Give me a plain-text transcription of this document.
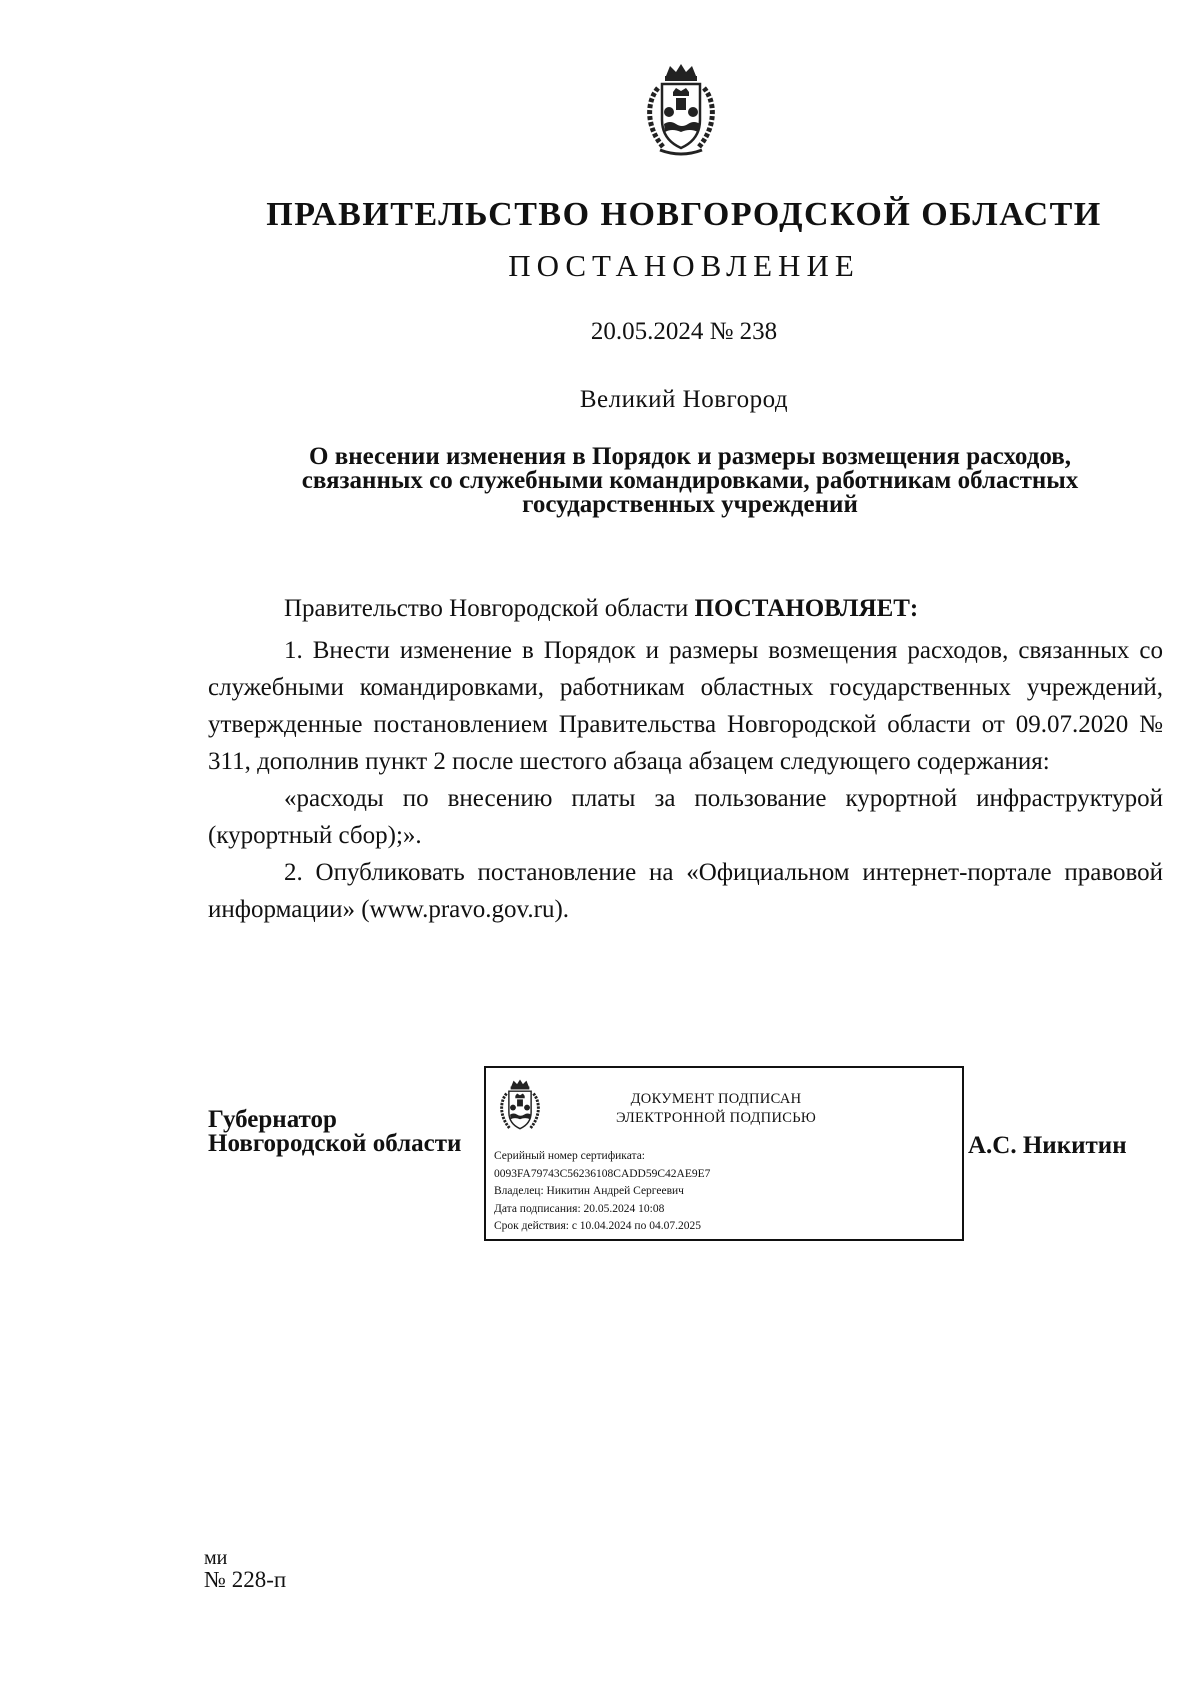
ПРАВИТЕЛЬСТВО НОВГОРОДСКОЙ ОБЛАСТИ
ПОСТАНОВЛЕНИЕ
20.05.2024 № 238
Великий Новгород
О внесении изменения в Порядок и размеры возмещения расходов,
связанных со служебными командировками, работникам областных
государственных учреждений

Правительство Новгородской области ПОСТАНОВЛЯЕТ:

1. Внести изменение в Порядок и размеры возмещения расходов, связанных со служебными командировками, работникам областных государственных учреждений, утвержденные постановлением Правительства Новгородской области от 09.07.2020 № 311, дополнив пункт 2 после шестого абзаца абзацем следующего содержания:

«расходы по внесению платы за пользование курортной инфраструктурой (курортный сбор);».

2. Опубликовать постановление на «Официальном интернет-портале правовой информации» (www.pravo.gov.ru).

Губернатор
Новгородской области
ДОКУМЕНТ ПОДПИСАН
ЭЛЕКТРОННОЙ ПОДПИСЬЮ
Серийный номер сертификата:
0093FA79743C56236108CADD59C42AE9E7
Владелец: Никитин Андрей Сергеевич
Дата подписания: 20.05.2024 10:08
Срок действия: с 10.04.2024 по 04.07.2025
А.С. Никитин
ми
№ 228-п
